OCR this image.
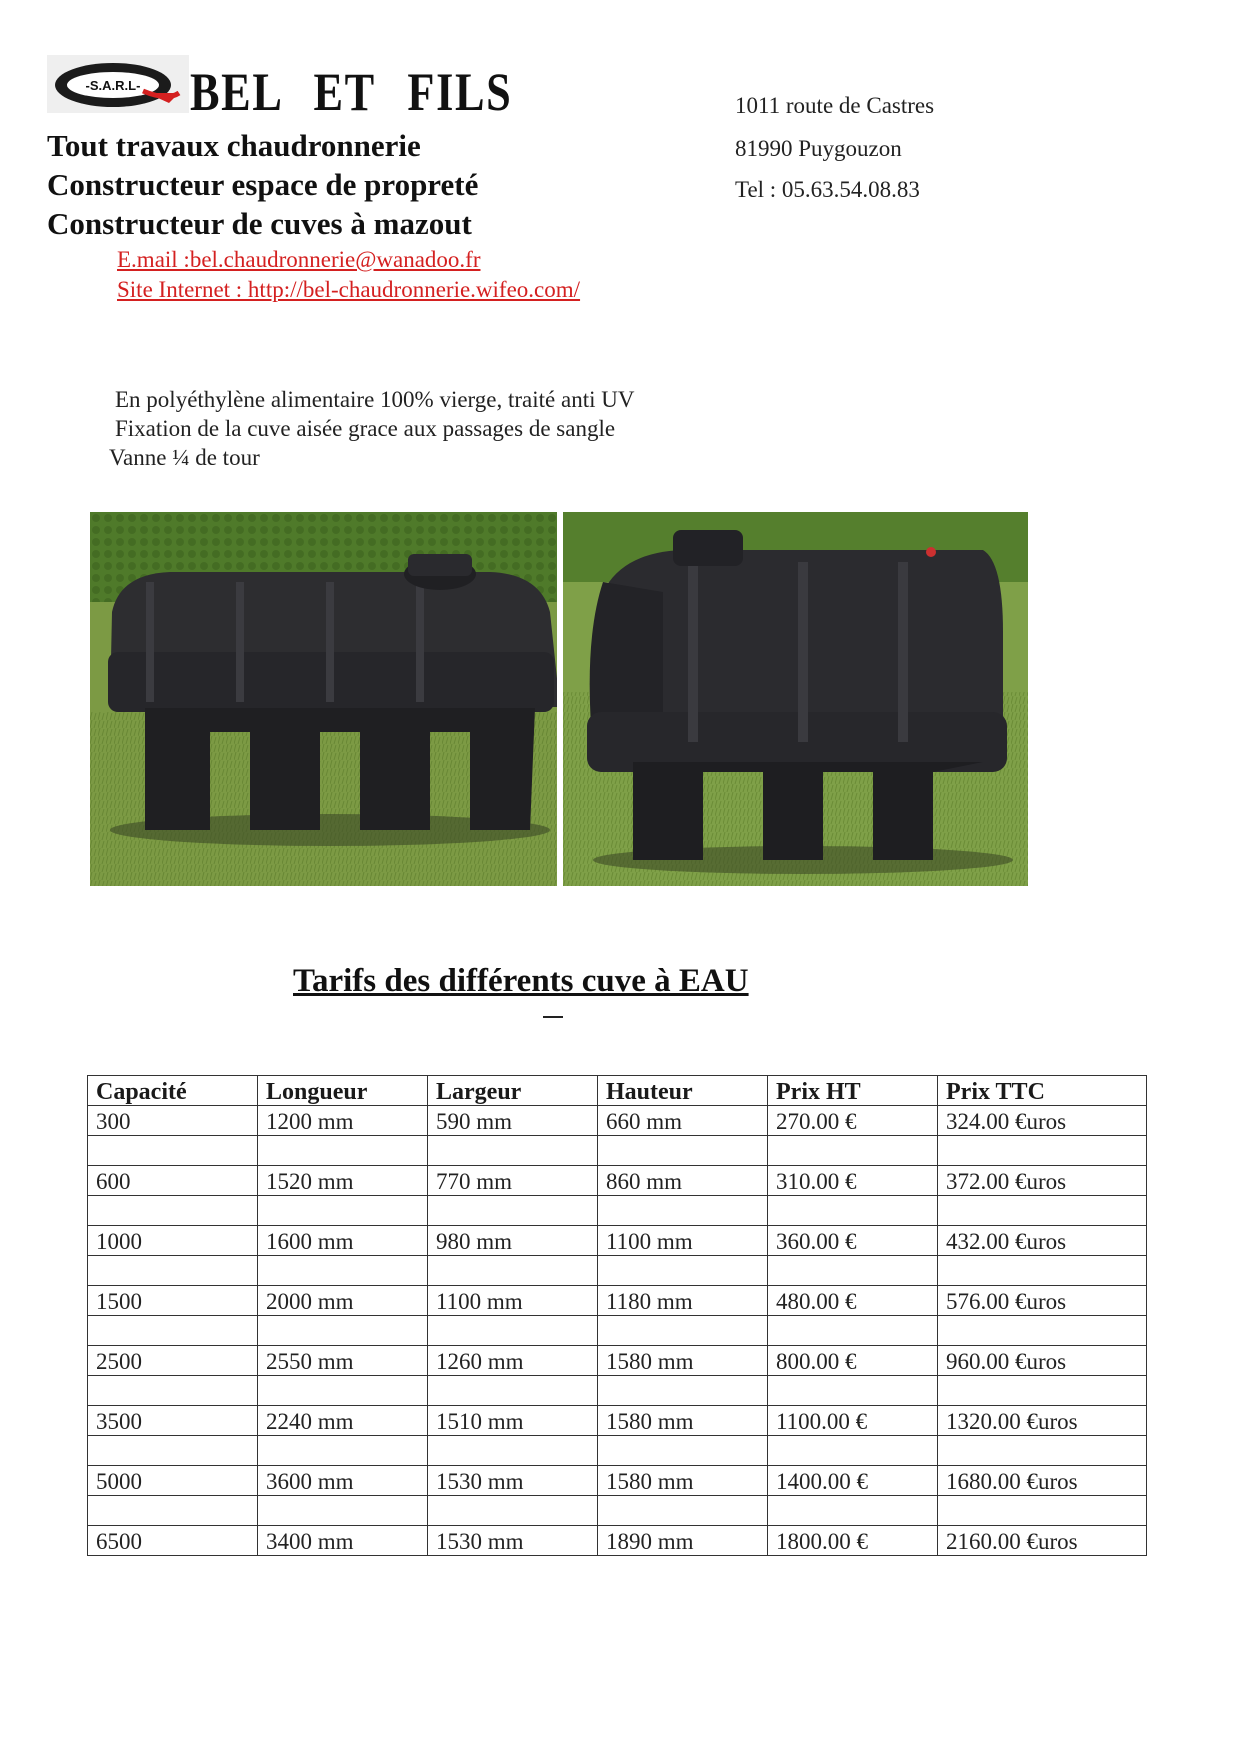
-S.A.R.L- BEL ET FILS
Tout travaux chaudronnerie
Constructeur espace de propreté
Constructeur de cuves à mazout
E.mail :bel.chaudronnerie@wanadoo.fr
Site Internet : http://bel-chaudronnerie.wifeo.com/
1011 route de Castres
81990 Puygouzon
Tel : 05.63.54.08.83
En polyéthylène alimentaire 100% vierge, traité anti UV
Fixation de la cuve aisée grace aux passages de sangle
Vanne ¼ de tour
Tarifs des différents cuve à EAU
Capacité	Longueur	Largeur	Hauteur	Prix HT	Prix TTC
300	1200 mm	590 mm	660 mm	270.00 €	324.00 €uros

600	1520 mm	770 mm	860 mm	310.00 €	372.00 €uros

1000	1600 mm	980 mm	1100 mm	360.00 €	432.00 €uros

1500	2000 mm	1100 mm	1180 mm	480.00 €	576.00 €uros

2500	2550 mm	1260 mm	1580 mm	800.00 €	960.00 €uros

3500	2240 mm	1510 mm	1580 mm	1100.00 €	1320.00 €uros

5000	3600 mm	1530 mm	1580 mm	1400.00 €	1680.00 €uros

6500	3400 mm	1530 mm	1890 mm	1800.00 €	2160.00 €uros
